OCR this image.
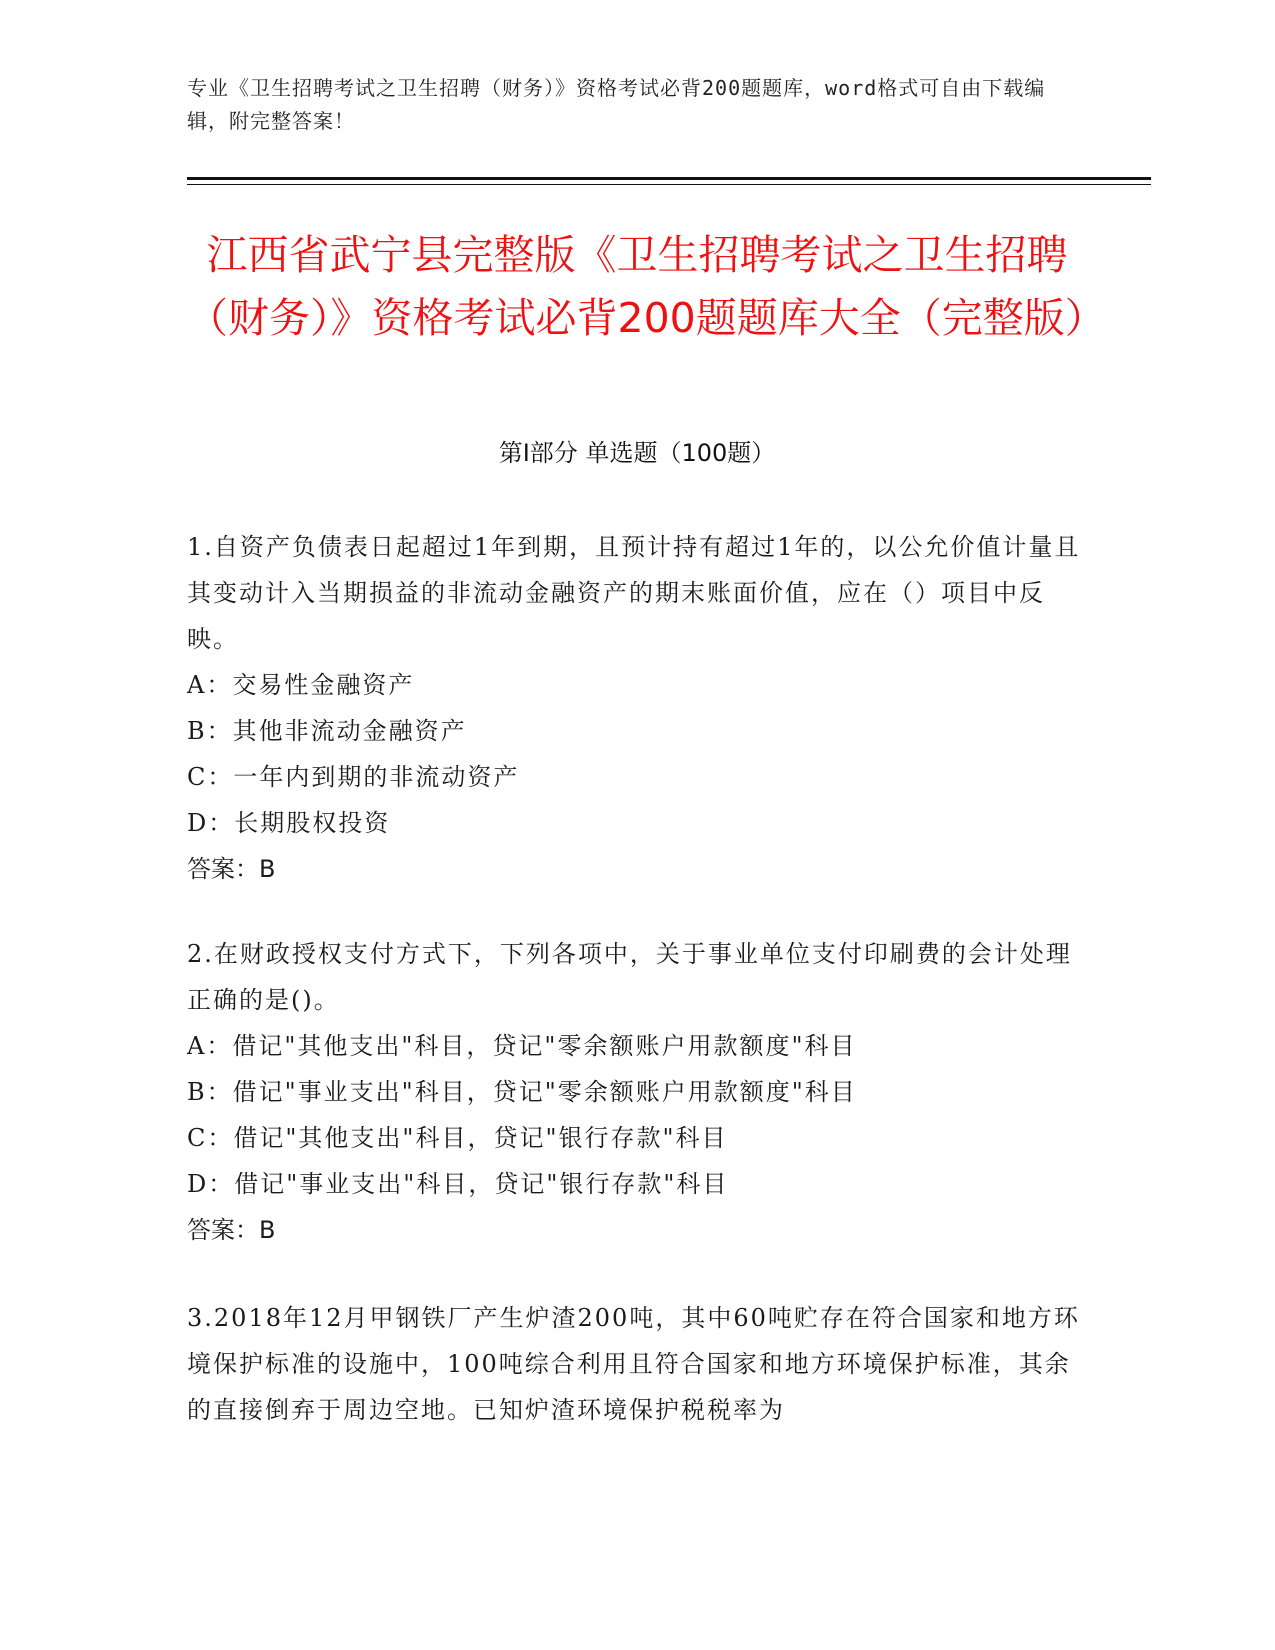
专业《卫生招聘考试之卫生招聘（财务）》资格考试必背200题题库，word格式可自由下载编辑，附完整答案！
江西省武宁县完整版《卫生招聘考试之卫生招聘（财务）》资格考试必背200题题库大全（完整版）
第I部分 单选题（100题）
1.自资产负债表日起超过1年到期，且预计持有超过1年的，以公允价值计量且其变动计入当期损益的非流动金融资产的期末账面价值，应在（）项目中反映。
A：交易性金融资产
B：其他非流动金融资产
C：一年内到期的非流动资产
D：长期股权投资
答案：B
2.在财政授权支付方式下，下列各项中，关于事业单位支付印刷费的会计处理正确的是()。
A：借记"其他支出"科目，贷记"零余额账户用款额度"科目
B：借记"事业支出"科目，贷记"零余额账户用款额度"科目
C：借记"其他支出"科目，贷记"银行存款"科目
D：借记"事业支出"科目，贷记"银行存款"科目
答案：B
3.2018年12月甲钢铁厂产生炉渣200吨，其中60吨贮存在符合国家和地方环境保护标准的设施中，100吨综合利用且符合国家和地方环境保护标准，其余的直接倒弃于周边空地。已知炉渣环境保护税税率为
